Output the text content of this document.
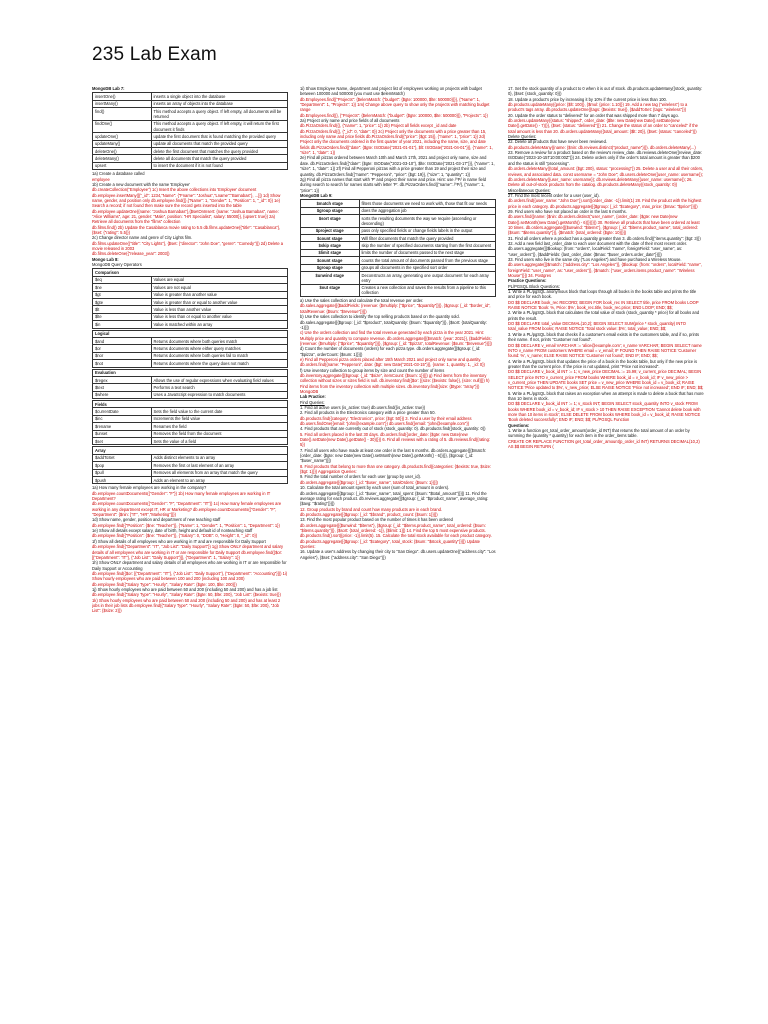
235 Lab Exam

MongoDB Lab 7:

insertOne()	inserts a single object into the database
insertMany()	inserts an array of objects into the database
find()	This method accepts a query object. If left empty, all documents will be returned
findOne()	This method accepts a query object. If left empty, it will return the first document it finds
updateOne()	update the first document that is found matching the provided query
updateMany()	update all documents that match the provided query
deleteOne()	delete the first document that matches the query provided
deleteMany()	delete all documents that match the query provided
upsert	to insert the document if it is not found

1a) Create a database called

employee

1b) Create a new document with the name 'Employee'

db.createCollection("Employee") 1c) Insert the above collections into 'Employee' document db.employee.insertMany([{"_id": 1234,"Name": {"Fname": "Joshua","Lname":"Barnabas"}, ...}]) 1d) Show name, gender, and position only db.employee.find({},{"Name": 1, "Gender": 1, "Position": 1, "_id": 0}) 1e) Search a record; if not found then make sure the record gets inserted into the table db.employee.updateOne({name: "Joshua Barnabas"},{$setOnInsert: {name: "Joshua Barnabas", name: "Alice Williams", age: 21, gender: "Male", position: "HR Specialist", salary: 55000}}, {upsert: true}) 2a) Retrieve all documents from the "films" collection

db.films.find() 2b) Update the Casablanca movie rating to 5.5 db.films.updateOne({"title": "Casablanca"}, {$set: {"rating": 5.5}})

2c) Change director name and genre of City Lights film.

db.films.updateOne({"title": "City Lights"}, {$set: {"director": "John Doe", "genre": "Comedy"}}) 2d) Delete a movie released in 2003

db.films.deleteOne({"release_year": 2003})

Mongo Lab 8:

MongoDB Query Operators

Comparison	
$eq	Values are equal
$ne	Values are not equal
$gt	Value is greater than another value
$gte	Value is greater than or equal to another value
$lt	Value is less than another value
$lte	Value is less than or equal to another value
$in	Value is matched within an array
Logical	
$and	Returns documents where both queries match
$or	Returns documents where either query matches
$nor	Returns documents where both queries fail to match
$not	Returns documents where the query does not match
Evaluation	
$regex	Allows the use of regular expressions when evaluating field values
$text	Performs a text search
$where	Uses a JavaScript expression to match documents
Fields	
$currentDate	Sets the field value to the current date
$inc	Increments the field value
$rename	Renames the field
$unset	Removes the field from the document
$set	Sets the value of a field
Array	
$addToSet	Adds distinct elements to an array
$pop	Removes the first or last element of an array
$pull	Removes all elements from an array that match the query
$push	Adds an element to an array

1a) How many female employees are working in the company?

db.employee.countDocuments({"Gender": "F"}) 1b) How many female employees are working in IT Department?

db.employee.countDocuments({"Gender": "F", "Department": "IT"}) 1c) How many female employees are working in any department except IT, HR or Marketing? db.employee.countDocuments({"Gender": "F", "Department": {$nin: ["IT", "HR","Marketing"]}})

1d) Show name, gender, position and department of new teaching staff

db.employee.find({"Position": {$ne: "Teacher"}}, {"Name": 1, "Gender": 1, "Position": 1, "Department": 1})

1e) Show all details except salary, date of birth, height and default id of nonteaching staff

db.employee.find({"Position": {$ne: "Teacher"}}, {"Salary": 0, "DOB": 0, "Height": 0, "_id": 0})

1f) Show all details of all employees who are working in IT and are responsible for Daily Support

db.employee.find({"Department": "IT", "Job List": "Daily Support"}) 1g) Show ONLY department and salary details of all employees who are working in IT or are responsible for Daily Support db.employee.find({$or: [{"Department": "IT"}, {"Job List": "Daily Support"}]}, {"Department": 1, "Salary": 1})

1h) Show ONLY department and salary details of all employees who are working in IT or are responsible for Daily Support or Accounting

db.employee.find({$or: [{"Department": "IT"}, {"Job List": "Daily Support"}, {"Department": "Accounting"}]}) 1i) Show hourly employees who are paid between 100 and 200 (including 100 and 200)

db.employee.find({"Salary Type": "Hourly", "Salary Rate": {$gte: 100, $lte: 200}})

1j) Show hourly employees who are paid between 50 and 200 (including 50 and 200) and has a job list

db.employee.find({"Salary Type": "Hourly", "Salary Rate": {$gte: 50, $lte: 200}, "Job List": {$exists: true}})

1k) Show hourly employees who are paid between 50 and 200 (including 50 and 200) and has at least 2 jobs in their job lists db.employee.find({"Salary Type": "Hourly", "Salary Rate": {$gte: 50, $lte: 200}, "Job List": {$size: 2}})

1i) Show Employee Name, department and project list of employees working on projects with budget between 100000 and 500000 (you must use $elemMatch)

db.Employees.find({"Projects": {$elemMatch: {"budget": {$gte: 100000, $lte: 500000}}}}, {"Name": 1, "Department": 1, "Projects": 1}) 1m) Change above query to show only the projects with matching budget range

db.Employees.find({}, {"Projects": {$elemMatch: {"budget": {$gte: 100000, $lte: 500000}}}, "Projects": 1})

2a) Project only name and price fields of all documents

db.PizzaOrders.find({}, {"name": 1, "price": 1}) 2b) Project all fields except _id and date db.PizzaOrders.find({}, {"_id": 0, "date": 0}) 2c) Project only the documents with a price greater than 15, including only name and price fields db.PizzaOrders.find({"price": {$gt: 15}}, {"name": 1, "price": 1}) 2d) Project only the documents ordered in the first quarter of year 2021, including the name, size, and date fields db.PizzaOrders.find({"date": {$gte: ISODate("2021-01-01"), $lt: ISODate("2021-04-01")}}, {"name": 1, "size": 1, "date": 1})

2e) Find all pizzas ordered between March 10th and March 17th, 2021 and project only name, size and date. db.PizzaOrders.find({"date": {$gte: ISODate("2021-03-10"), $lte: ISODate("2021-03-17")}}, {"name": 1, "size": 1, "date": 1}) 2f) Find all Pepperoni pizzas with a price greater than 19 and project their size and quantity. db.PizzaOrders.find({"name": "Pepperoni", "price": {$gt: 19}}, {"size": 1, "quantity": 1})

2g) Find all pizza names that start with 'P' and project their name and price. Hint: use /^P/ in name field during search to search for names starts with letter 'P'. db.PizzaOrders.find({"name": /^P/}, {"name": 1, "price": 1})

MongoDB Lab 9:

$match stage	filters those documents we need to work with, those that fit our needs
$group stage	does the aggregation job
$sort stage	sorts the resulting documents the way we require (ascending or descending)
$project stage	pass only specified fields or change fields labels in the output
$count stage	Will filter documents that match the query provided
$skip stage	skip the number of specified documents starting from the first document
$limit stage	limits the number of documents passed to the next stage
$count stage	counts the total amount of documents passed from the previous stage
$group stage	groups all documents in the specified sort order
$unwind stage	Deconstructs an array, generating one output document for each array entry
$out stage	Creates a new collection and saves the results from a pipeline to this collection

a) Use the sales collection and calculate the total revenue per order.

db.sales.aggregate([{$addFields: {revenue: {$multiply: ["$price", "$quantity"]}}}, {$group: {_id: "$order_id", totalRevenue: {$sum: "$revenue"}}}])

b) Use the sales collection to identify the top selling products based on the quantity sold. db.sales.aggregate([{$group: {_id: "$product", totalQuantity: {$sum: "$quantity"}}}, {$sort: {totalQuantity: -1}}])

c) Use the orders collection and find the total revenue generated by each pizza in the year 2021. Hint: Multiply price and quantity to compute revenue. db.orders.aggregate([{$match: {year: 2021}}, {$addFields: {revenue: {$multiply: ["$price", "$quantity"]}}}, {$group: {_id: "$pizza", totalRevenue: {$sum: "$revenue"}}}])

d) Count the number of documents (orders) for each pizza type. db.orders.aggregate([{$group: {_id: "$pizza", orderCount: {$sum: 1}}}])

e) Find all Pepperoni pizza orders placed after 15th March 2021 and project only name and quantity. db.orders.find({name: "Pepperoni", date: {$gt: new Date("2021-03-15")}}, {name: 1, quantity: 1, _id: 0})

f) Use inventory collection to group items by size and count the number of items

db.inventory.aggregate([{$group: {_id: "$size", itemCount: {$sum: 1}}}]) g) Find items from the inventory collection without sizes or sizes field is null. db.inventory.find({$or: [{size: {$exists: false}}, {size: null}]}) h) Find items from the inventory collection with multiple sizes. db.inventory.find({size: {$type: "array"}}) MongoDB

Lab Practice:

Find Queries:

1. Find all active users (is_active: true) db.users.find({is_active: true})

2. Find all products in the Electronics category with a price greater than 50.

db.products.find({category: "Electronics", price: {$gt: 50}}) 3. Find a user by their email address db.users.findOne({email: "john@example.com"}) db.users.find({email: "john@example.com"})

4. Find products that are currently out of stock (stock_quantity: 0). db.products.find({stock_quantity: 0})

5. Find all orders placed in the last 30 days. db.orders.find({order_date: {$gte: new Date(new Date().setDate(new Date().getDate() - 30))}}) 6. Find all reviews with a rating of 5. db.reviews.find({rating: 5})

7. Find all users who have made at least one order in the last 6 months. db.orders.aggregate([{$match: {order_date: {$gte: new Date(new Date().setMonth(new Date().getMonth() - 6))}}}, {$group: {_id: "$user_name"}}])

8. Find products that belong to more than one category. db.products.find({categories: {$exists: true, $size: {$gt: 1}}}) Aggregation Queries:

9. Find the total number of orders for each user (group by user_id).

db.orders.aggregate([{$group: {_id: "$user_name", totalOrders: {$sum: 1}}}])

10. Calculate the total amount spent by each user (sum of total_amount in orders). db.orders.aggregate([{$group: {_id: "$user_name", total_spent: {$sum: "$total_amount"}}}]) 11. Find the average rating for each product. db.reviews.aggregate([{$group: {_id: "$product_name", average_rating: {$avg: "$rating"}}}])

12. Group products by brand and count how many products are in each brand. db.products.aggregate([{$group: {_id: "$brand", product_count: {$sum: 1}}}])

13. Find the most popular product based on the number of times it has been ordered

db.orders.aggregate([{$unwind: "$items"}, {$group: {_id: "$items.product_name", total_ordered: {$sum: "$items.quantity"}}}, {$sort: {total_ordered: -1}}, {$limit: 1}]) 14. Find the top 5 most expensive products. db.products.find().sort({price: -1}).limit(5). 15. Calculate the total stock available for each product category. db.products.aggregate([{$group: {_id: "$category", total_stock: {$sum: "$stock_quantity"}}}]) Update Queries:

16. Update a user's address by changing their city to "San Diego". db.users.updateOne({"address.city": "Los Angeles"}, {$set: {"address.city": "San Diego"}})

17. Set the stock quantity of a product to 0 when it is out of stock. db.products.updateMany({stock_quantity: 0}, {$set: {stock_quantity: 0}})

18. Update a product's price by increasing it by 10% if the current price is less than 100.

db.products.updateMany({price: {$lt: 100}}, {$mul: {price: 1.10}}) 19. Add a new tag ("wireless") to a product's tags array. db.products.updateOne({tags: {$exists: true}}, {$addToSet: {tags: "wireless"}})

20. Update the order status to "delivered" for an order that was shipped more than 7 days ago.

db.orders.updateMany({status: "shipped", order_date: {$lte: new Date(new Date().setDate(new Date().getDate() - 7))}}, {$set: {status: "delivered"}}) 21. Change the status of an order to "canceled" if the total amount is less than 20. db.orders.updateMany({total_amount: {$lt: 20}}, {$set: {status: "canceled"}})

Delete Queries:

22. Delete all products that have never been reviewed.

db.products.deleteMany({name: {$nin: db.reviews.distinct("product_name")}}). db.orders.deleteMany(...)

23. Remove a review for a product based on the review's review_date. db.reviews.deleteOne({review_date: ISODate("2023-10-15T10:00:00Z")}) 24. Delete orders only if the order's total amount is greater than $200 and the status is still "processing".

db.orders.deleteMany({total_amount: {$gt: 200}, status: "processing"}) 25. Delete a user and all their orders, reviews, and associated data. const username = "John Doe"; db.users.deleteOne({user_name: username}); db.orders.deleteMany({user_name: username}); db.reviews.deleteMany({user_name: username}); 26. Delete all out-of-stock products from the catalog. db.products.deleteMany({stock_quantity: 0})

Miscellaneous Queries:

27. Find the most recent order for a user (user_id).

db.orders.find({user_name: "John Doe"}).sort({order_date: -1}).limit(1) 28. Find the product with the highest price in each category. db.products.aggregate([{$group: {_id: "$category", max_price: {$max: "$price"}}}])

29. Find users who have not placed an order in the last 6 months.

db.users.find({name: {$nin: db.orders.distinct("user_name", {order_date: {$gte: new Date(new Date().setMonth(new Date().getMonth() - 6))}})}}) 30. Retrieve all products that have been ordered at least 10 times. db.orders.aggregate([{$unwind: "$items"}, {$group: {_id: "$items.product_name", total_ordered: {$sum: "$items.quantity"}}}, {$match: {total_ordered: {$gte: 10}}}])

31. Find all orders where a product has a quantity greater than 3. db.orders.find({"items.quantity": {$gt: 3}}) 32. Add a new field last_order_date to each user document with the date of their most recent order. db.users.aggregate([{$lookup: {from: "orders", localField: "name", foreignField: "user_name", as: "user_orders"}}, {$addFields: {last_order_date: {$max: "$user_orders.order_date"}}}])

33. Find users who live in the same city ("Los Angeles") and have purchased a Wireless Mouse.

db.users.aggregate([{$match: {"address.city": "Los Angeles"}}, {$lookup: {from: "orders", localField: "name", foreignField: "user_name", as: "user_orders"}}, {$match: {"user_orders.items.product_name": "Wireless Mouse"}}]) 34. Postgres

Practice Questions:

PL/PGSQL Block Questions:

1. Write a PL/pgSQL anonymous block that loops through all books in the books table and prints the title and price for each book.

DO $$ DECLARE book_rec RECORD; BEGIN FOR book_rec IN SELECT title, price FROM books LOOP RAISE NOTICE 'Book: %, Price: $%', book_rec.title, book_rec.price; END LOOP; END; $$;

2. Write a PL/pgSQL block that calculates the total value of stock (stock_quantity * price) for all books and prints the result.

DO $$ DECLARE total_value DECIMAL(10,2); BEGIN SELECT SUM(price * stock_quantity) INTO total_value FROM books; RAISE NOTICE 'Total stock value: $%', total_value; END; $$;

3. Write a PL/pgSQL block that checks if a customer's email exists in the customers table, and if so, prints their name. If not, prints "Customer not found".

DO $$ DECLARE v_email VARCHAR := 'alice@example.com'; v_name VARCHAR; BEGIN SELECT name INTO v_name FROM customers WHERE email = v_email; IF FOUND THEN RAISE NOTICE 'Customer found: %', v_name; ELSE RAISE NOTICE 'Customer not found'; END IF; END; $$;

4. Write a PL/pgSQL block that updates the price of a book in the books table, but only if the new price is greater than the current price. If the price is not updated, print "Price not increased".

DO $$ DECLARE v_book_id INT := 1; v_new_price DECIMAL := 15.99; v_current_price DECIMAL; BEGIN SELECT price INTO v_current_price FROM books WHERE book_id = v_book_id; IF v_new_price > v_current_price THEN UPDATE books SET price = v_new_price WHERE book_id = v_book_id; RAISE NOTICE 'Price updated to $%', v_new_price; ELSE RAISE NOTICE 'Price not increased'; END IF; END; $$;

5. Write a PL/pgSQL block that raises an exception when an attempt is made to delete a book that has more than 10 items in stock.

DO $$ DECLARE v_book_id INT := 1; v_stock INT; BEGIN SELECT stock_quantity INTO v_stock FROM books WHERE book_id = v_book_id; IF v_stock > 10 THEN RAISE EXCEPTION 'Cannot delete book with more than 10 items in stock'; ELSE DELETE FROM books WHERE book_id = v_book_id; RAISE NOTICE 'Book deleted successfully'; END IF; END; $$; PL/PGSQL Function

Questions:

1. Write a function get_total_order_amount(order_id INT) that returns the total amount of an order by summing the (quantity * quantity) for each item in the order_items table.

CREATE OR REPLACE FUNCTION get_total_order_amount(p_order_id INT) RETURNS DECIMAL(10,2) AS $$ BEGIN RETURN (
